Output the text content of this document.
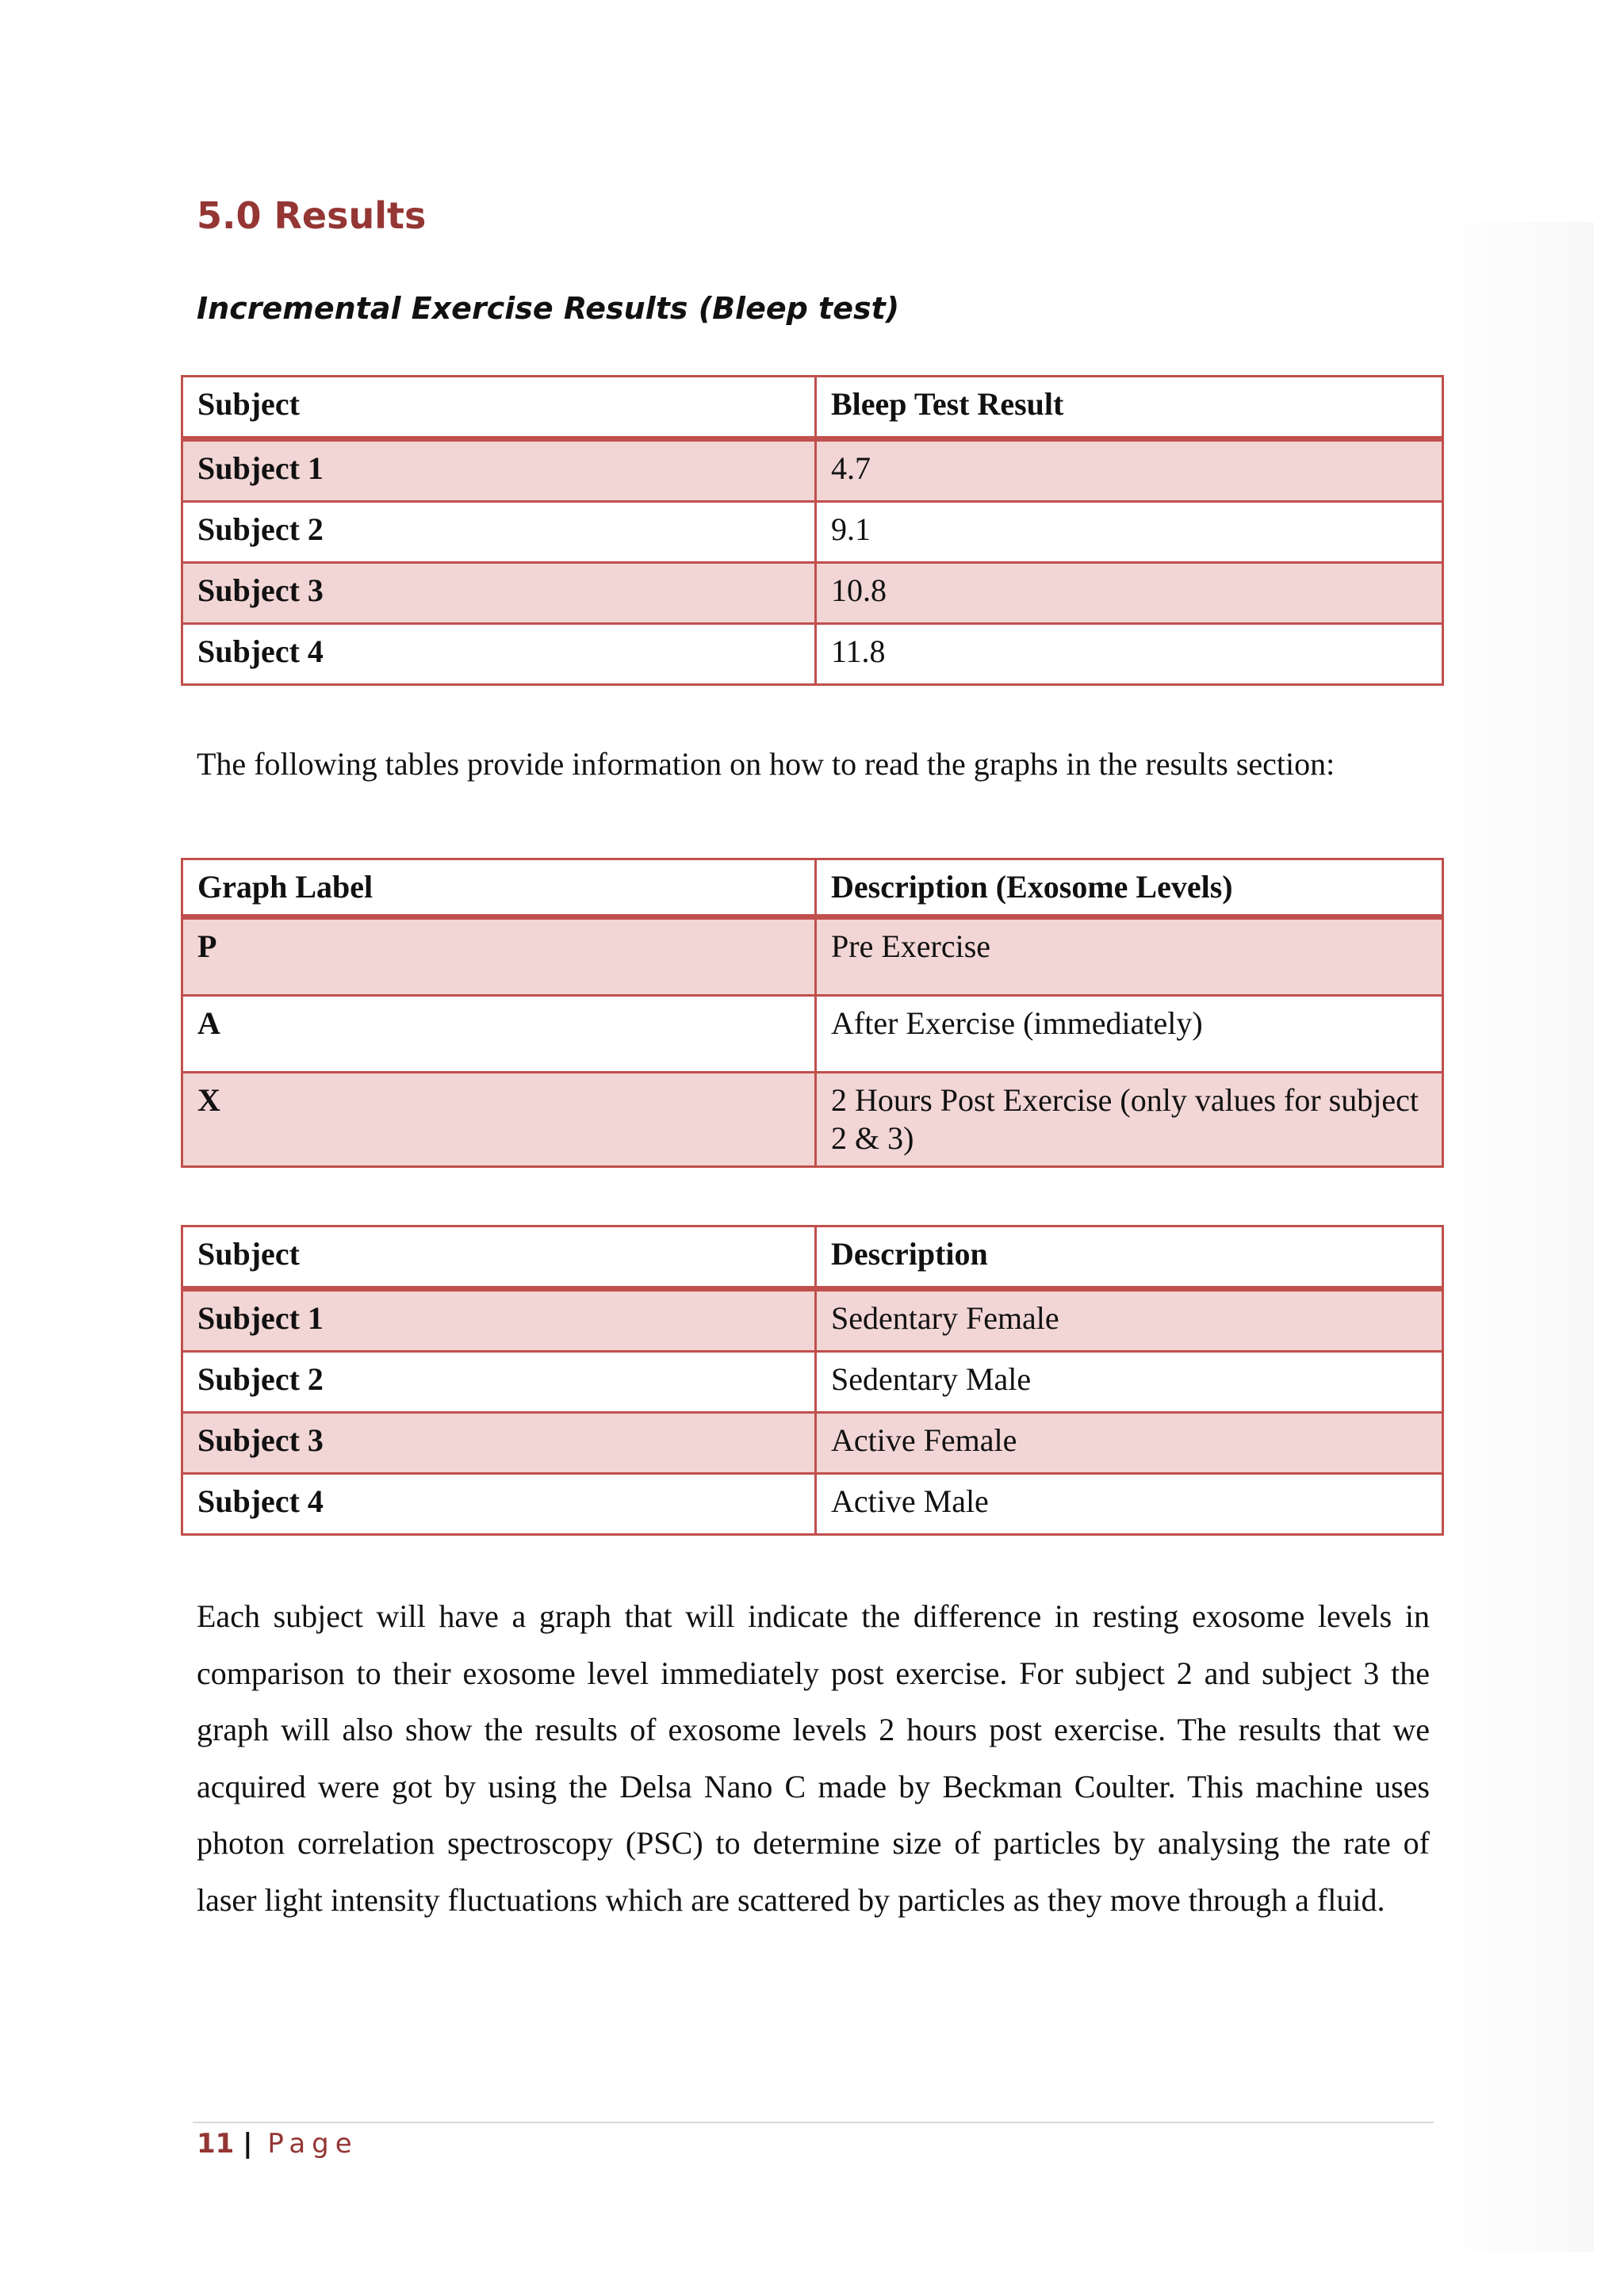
5.0 Results
Incremental Exercise Results (Bleep test)
Subject	Bleep Test Result
Subject 1	4.7
Subject 2	9.1
Subject 3	10.8
Subject 4	11.8

The following tables provide information on how to read the graphs in the results section:

Graph Label	Description (Exosome Levels)
P	Pre Exercise
A	After Exercise (immediately)
X	2 Hours Post Exercise (only values for subject 2 & 3)
Subject	Description
Subject 1	Sedentary Female
Subject 2	Sedentary Male
Subject 3	Active Female
Subject 4	Active Male

Each subject will have a graph that will indicate the difference in resting exosome levels in comparison to their exosome level immediately post exercise. For subject 2 and subject 3 the graph will also show the results of exosome levels 2 hours post exercise. The results that we acquired were got by using the Delsa Nano C made by Beckman Coulter. This machine uses photon correlation spectroscopy (PSC) to determine size of particles by analysing the rate of laser light intensity fluctuations which are scattered by particles as they move through a fluid.

11 | Page
